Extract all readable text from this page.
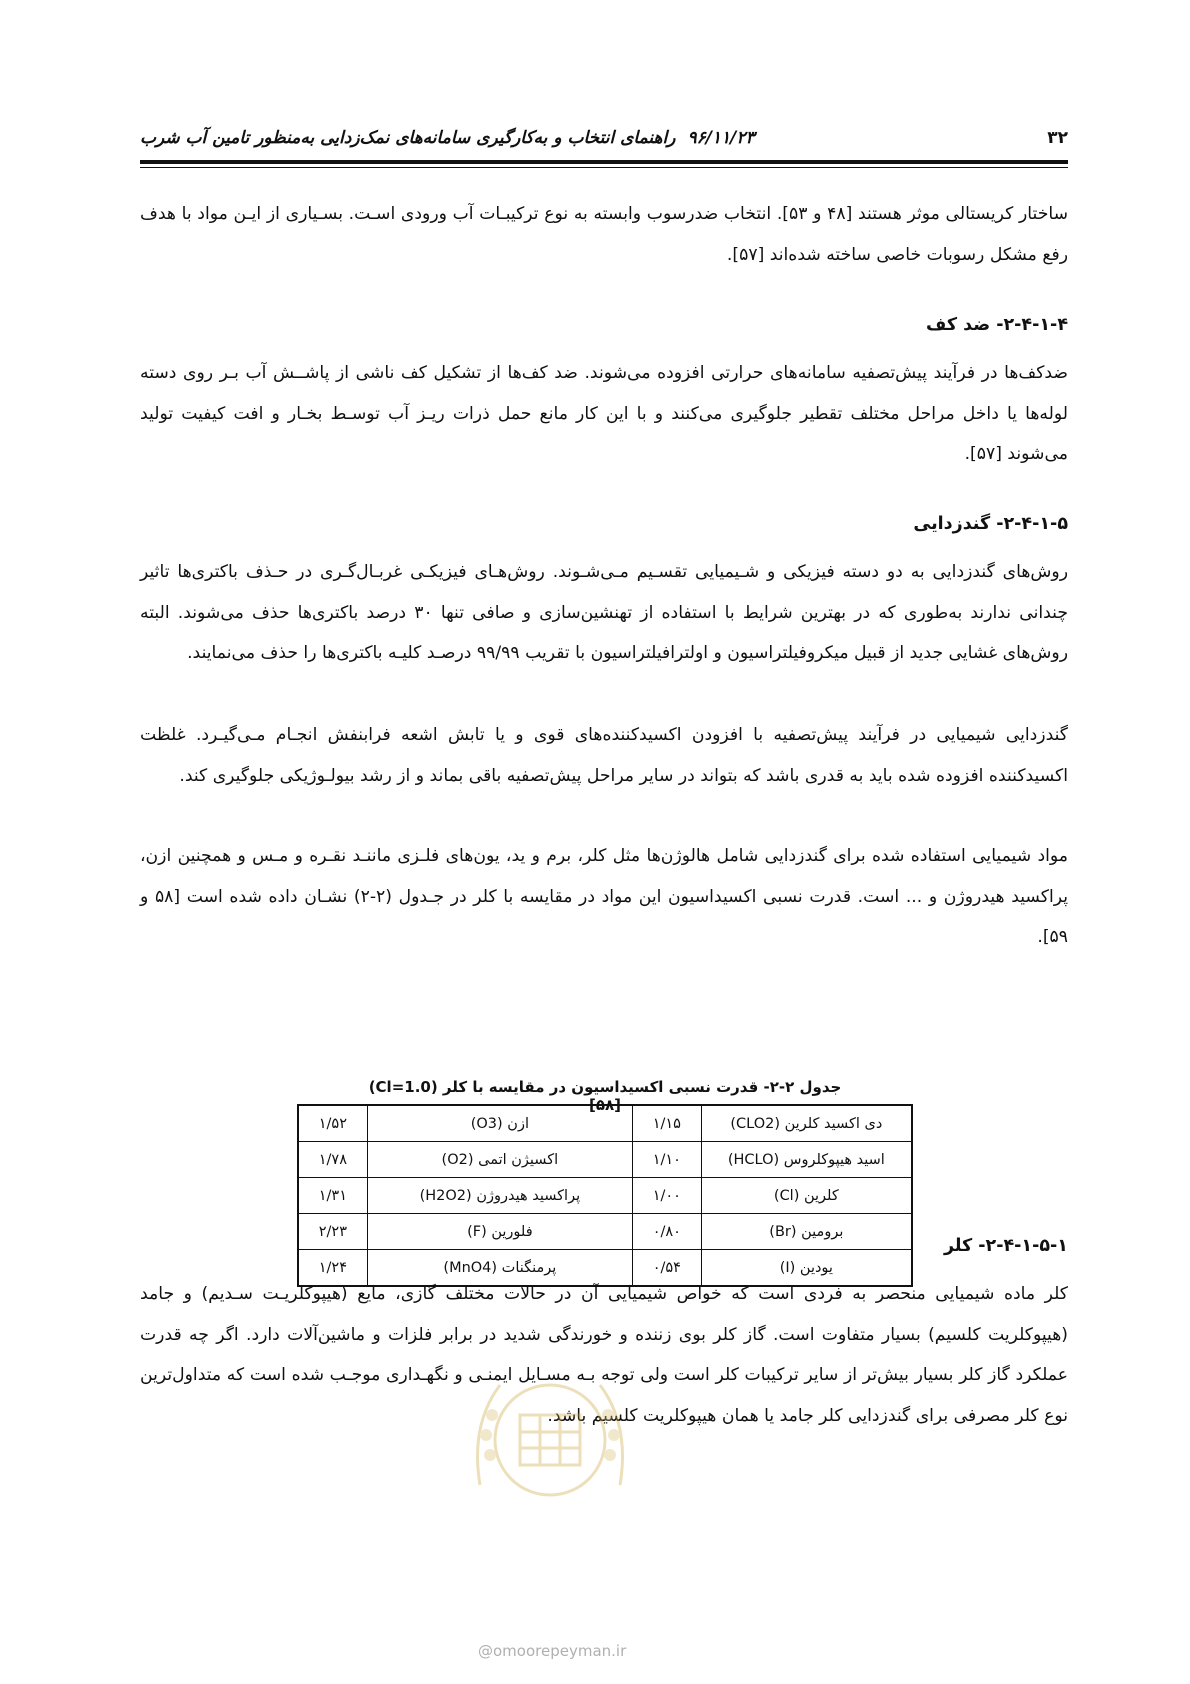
۳۲
۹۶/۱۱/۲۳راهنمای انتخاب و به‌کارگیری سامانه‌های نمک‌زدایی به‌منظور تامین آب شرب

ساختار کریستالی موثر هستند [۴۸ و ۵۳]. انتخاب ضدرسوب وابسته به نوع ترکیبـات آب ورودی اسـت. بسـیاری از ایـن مواد با هدف رفع مشکل رسوبات خاصی ساخته شده‌اند [۵۷].

۲-۴-۱-۴- ضد کف

ضدکف‌ها در فرآیند پیش‌تصفیه سامانه‌های حرارتی افزوده می‌شوند. ضد کف‌ها از تشکیل کف ناشی از پاشــش آب بـر روی دسته لوله‌ها یا داخل مراحل مختلف تقطیر جلوگیری می‌کنند و با این کار مانع حمل ذرات ریـز آب توسـط بخـار و افت کیفیت تولید می‌شوند [۵۷].

۲-۴-۱-۵- گندزدایی

روش‌های گندزدایی به دو دسته فیزیکی و شـیمیایی تقسـیم مـی‌شـوند. روش‌هـای فیزیکـی غربـال‌گـری در حـذف باکتری‌ها تاثیر چندانی ندارند به‌طوری که در بهترین شرایط با استفاده از تهنشین‌سازی و صافی تنها ۳۰ درصد باکتری‌ها حذف می‌شوند. البته روش‌های غشایی جدید از قبیل میکروفیلتراسیون و اولترافیلتراسیون با تقریب ۹۹/۹۹ درصـد کلیـه باکتری‌ها را حذف می‌نمایند.

گندزدایی شیمیایی در فرآیند پیش‌تصفیه با افزودن اکسیدکننده‌های قوی و یا تابش اشعه فرابنفش انجـام مـی‌گیـرد. غلظت اکسیدکننده افزوده شده باید به قدری باشد که بتواند در سایر مراحل پیش‌تصفیه باقی بماند و از رشد بیولـوژیکی جلوگیری کند.

مواد شیمیایی استفاده شده برای گندزدایی شامل هالوژن‌ها مثل کلر، برم و ید، یون‌های فلـزی ماننـد نقـره و مـس و همچنین ازن، پراکسید هیدروژن و ... است. قدرت نسبی اکسیداسیون این مواد در مقایسه با کلر در جـدول (۲-۲) نشـان داده شده است [۵۸ و ۵۹].

جدول ۲-۲- قدرت نسبی اکسیداسیون در مقایسه با کلر (Cl=1.0) [۵۸]
دی اکسید کلرین (CLO2)	۱/۱۵	ازن (O3)	۱/۵۲
اسید هیپوکلروس (HCLO)	۱/۱۰	اکسیژن اتمی (O2)	۱/۷۸
کلرین (Cl)	۱/۰۰	پراکسید هیدروژن (H2O2)	۱/۳۱
برومین (Br)	۰/۸۰	فلورین (F)	۲/۲۳
یودین (I)	۰/۵۴	پرمنگنات (MnO4)	۱/۲۴
۲-۴-۱-۵-۱- کلر

کلر ماده شیمیایی منحصر به فردی است که خواص شیمیایی آن در حالات مختلف گازی، مایع (هیپوکلریـت سـدیم) و جامد (هیپوکلریت کلسیم) بسیار متفاوت است. گاز کلر بوی زننده و خورندگی شدید در برابر فلزات و ماشین‌آلات دارد. اگر چه قدرت عملکرد گاز کلر بسیار بیش‌تر از سایر ترکیبات کلر است ولی توجه بـه مسـایل ایمنـی و نگهـداری موجـب شده است که متداول‌ترین نوع کلر مصرفی برای گندزدایی کلر جامد یا همان هیپوکلریت کلسیم باشد.

@omoorepeyman.ir
